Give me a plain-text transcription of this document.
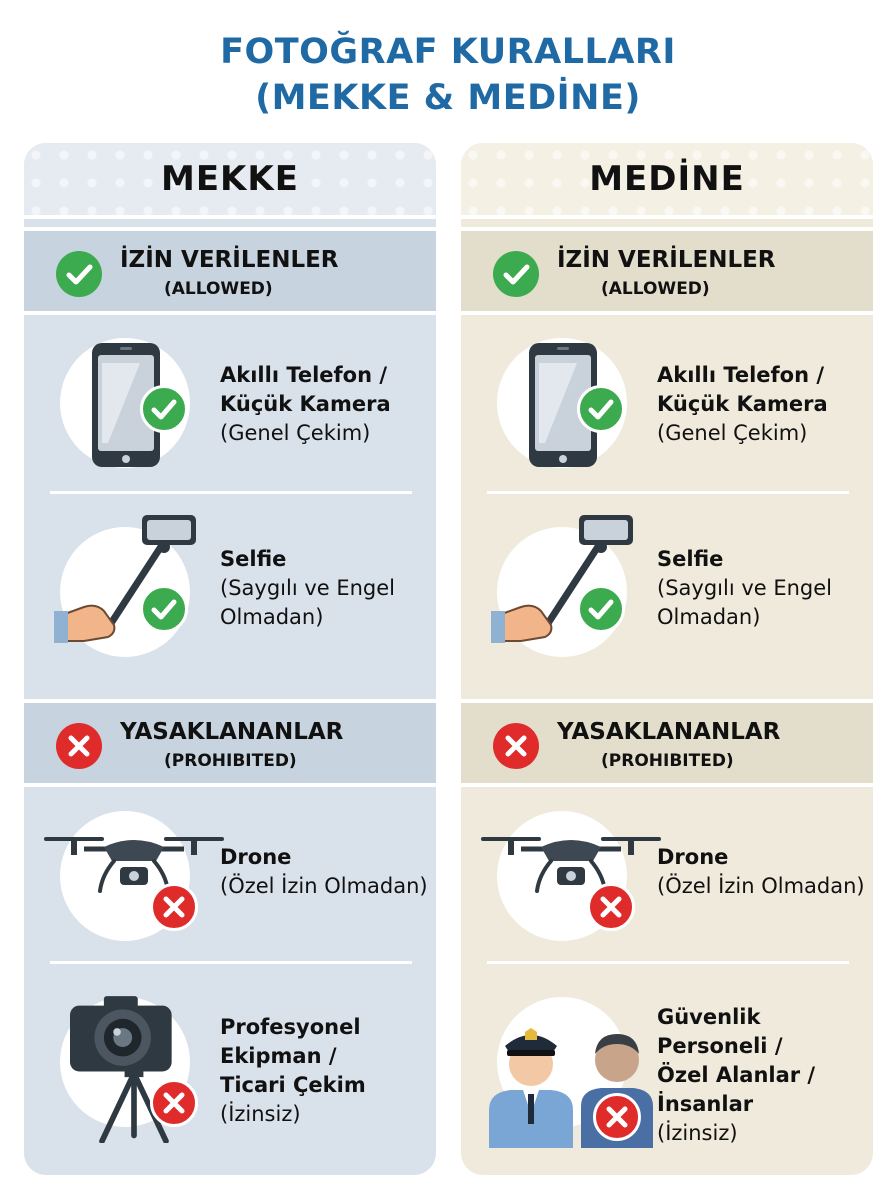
FOTOĞRAF KURALLARI
(MEKKE & MEDİNE)
MEKKE
İZİN VERİLENLER
(ALLOWED)
Akıllı Telefon /
Küçük Kamera
(Genel Çekim)
Selfie
(Saygılı ve Engel
Olmadan)
YASAKLANANLAR
(PROHIBITED)
Drone
(Özel İzin Olmadan)
Profesyonel
Ekipman /
Ticari Çekim
(İzinsiz)
MEDİNE
İZİN VERİLENLER
(ALLOWED)
Akıllı Telefon /
Küçük Kamera
(Genel Çekim)
Selfie
(Saygılı ve Engel
Olmadan)
YASAKLANANLAR
(PROHIBITED)
Drone
(Özel İzin Olmadan)
Güvenlik
Personeli /
Özel Alanlar /
İnsanlar
(İzinsiz)
